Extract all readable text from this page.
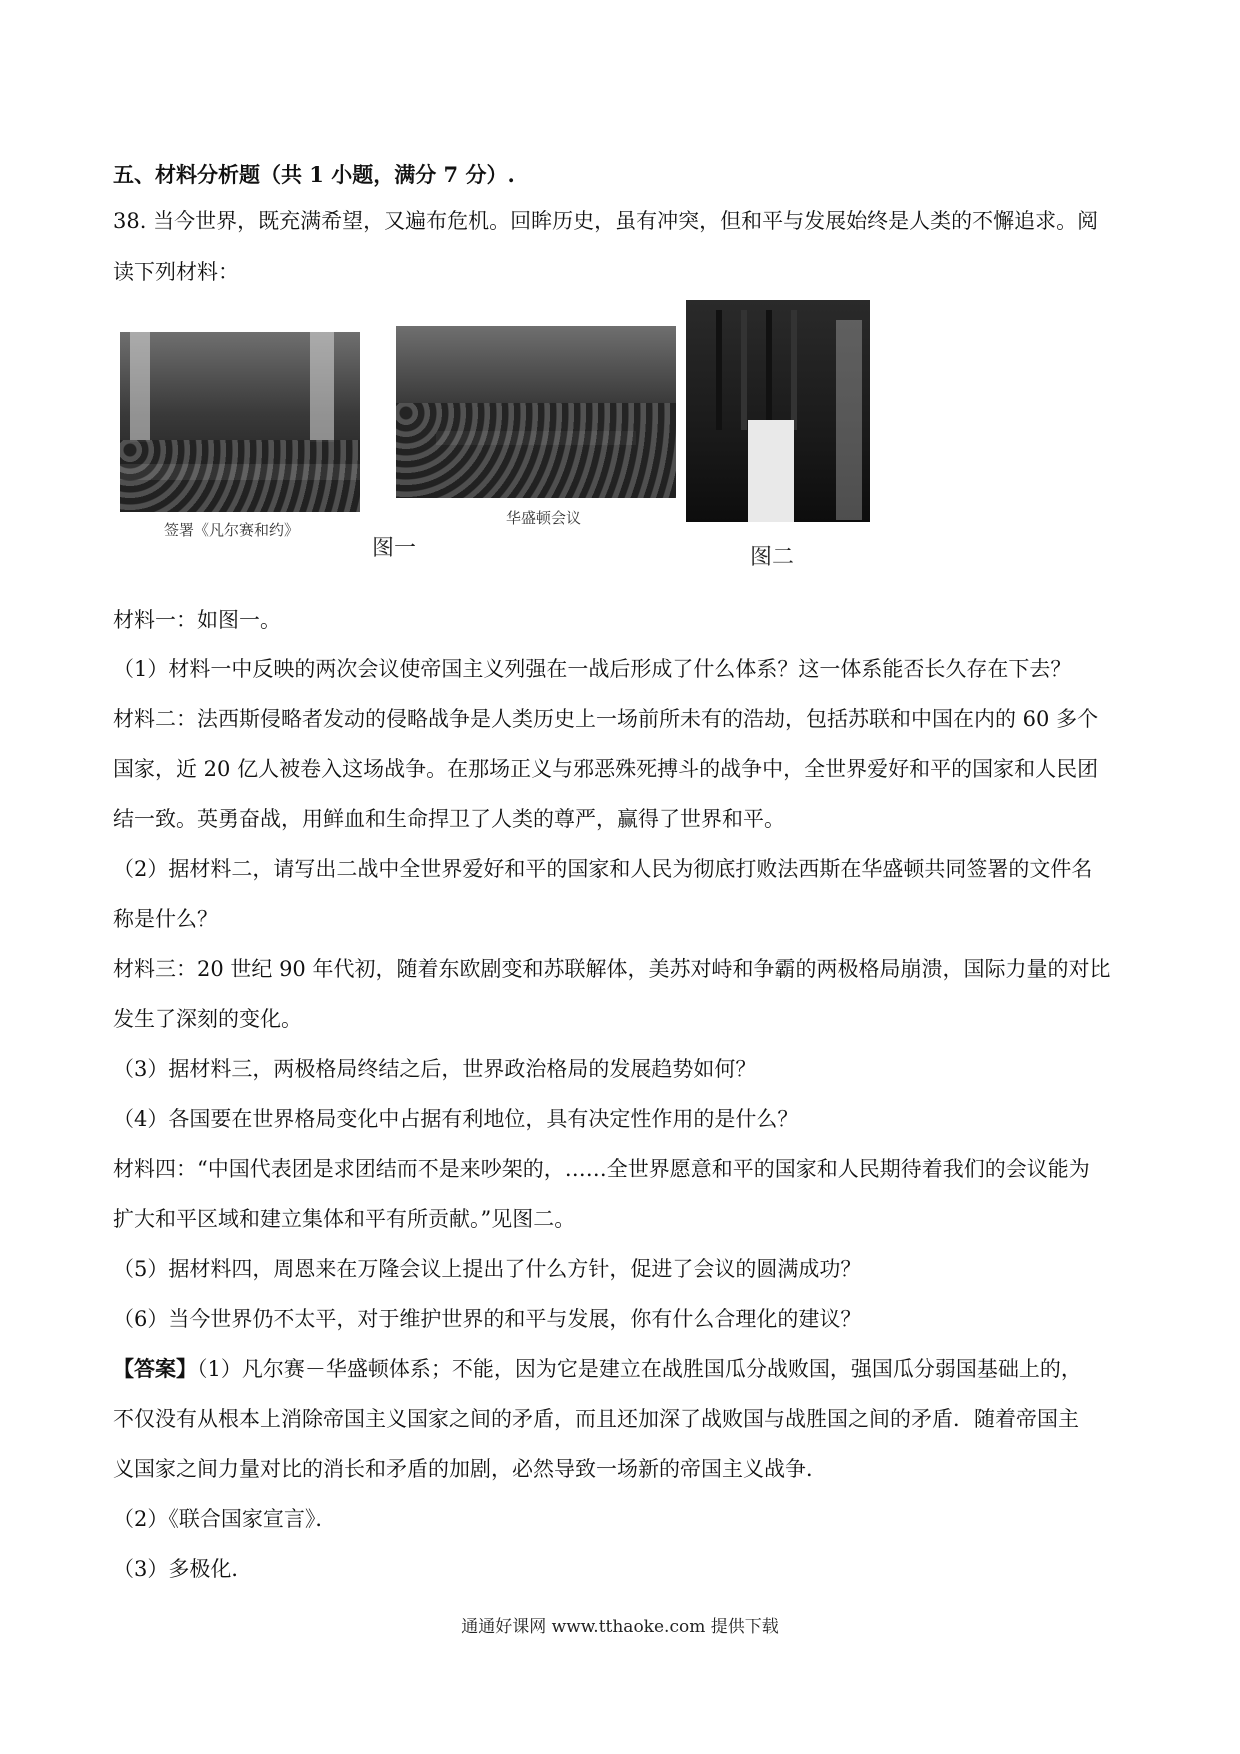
五、材料分析题（共 1 小题，满分 7 分）.
38. 当今世界，既充满希望，又遍布危机。回眸历史，虽有冲突，但和平与发展始终是人类的不懈追求。阅
读下列材料：
签署《凡尔赛和约》
华盛顿会议
图一	图二
材料一：如图一。
（1）材料一中反映的两次会议使帝国主义列强在一战后形成了什么体系？这一体系能否长久存在下去？
材料二：法西斯侵略者发动的侵略战争是人类历史上一场前所未有的浩劫，包括苏联和中国在内的 60 多个
国家，近 20 亿人被卷入这场战争。在那场正义与邪恶殊死搏斗的战争中，全世界爱好和平的国家和人民团
结一致。英勇奋战，用鲜血和生命捍卫了人类的尊严，赢得了世界和平。
（2）据材料二，请写出二战中全世界爱好和平的国家和人民为彻底打败法西斯在华盛顿共同签署的文件名
称是什么？
材料三：20 世纪 90 年代初，随着东欧剧变和苏联解体，美苏对峙和争霸的两极格局崩溃，国际力量的对比
发生了深刻的变化。
（3）据材料三，两极格局终结之后，世界政治格局的发展趋势如何？
（4）各国要在世界格局变化中占据有利地位，具有决定性作用的是什么？
材料四：“中国代表团是求团结而不是来吵架的，……全世界愿意和平的国家和人民期待着我们的会议能为
扩大和平区域和建立集体和平有所贡献。”见图二。
（5）据材料四，周恩来在万隆会议上提出了什么方针，促进了会议的圆满成功？
（6）当今世界仍不太平，对于维护世界的和平与发展，你有什么合理化的建议？
【答案】（1）凡尔赛－华盛顿体系；不能，因为它是建立在战胜国瓜分战败国，强国瓜分弱国基础上的，
不仅没有从根本上消除帝国主义国家之间的矛盾，而且还加深了战败国与战胜国之间的矛盾．随着帝国主
义国家之间力量对比的消长和矛盾的加剧，必然导致一场新的帝国主义战争．
（2）《联合国家宣言》．
（3）多极化．
通通好课网 www.tthaoke.com 提供下载
